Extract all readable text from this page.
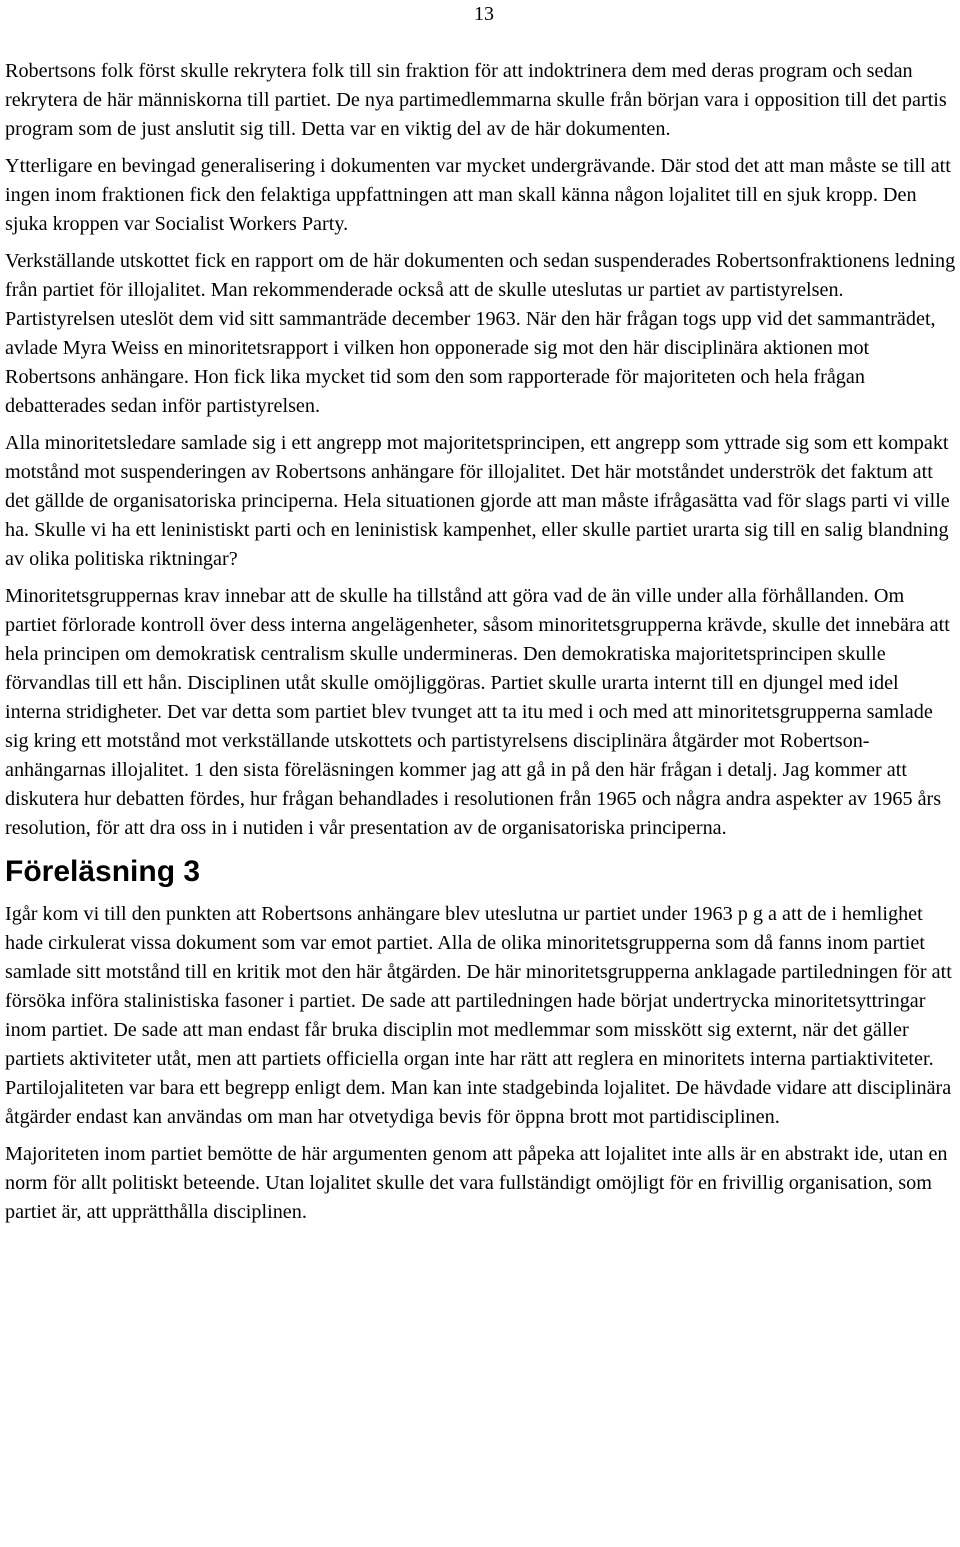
13

Robertsons folk först skulle rekrytera folk till sin fraktion för att indoktrinera dem med deras program och sedan rekrytera de här människorna till partiet. De nya partimedlemmarna skulle från början vara i opposition till det partis program som de just anslutit sig till. Detta var en viktig del av de här dokumenten.

Ytterligare en bevingad generalisering i dokumenten var mycket undergrävande. Där stod det att man måste se till att ingen inom fraktionen fick den felaktiga uppfattningen att man skall känna någon lojalitet till en sjuk kropp. Den sjuka kroppen var Socialist Workers Party.

Verkställande utskottet fick en rapport om de här dokumenten och sedan suspenderades Robertsonfraktionens ledning från partiet för illojalitet. Man rekommenderade också att de skulle uteslutas ur partiet av partistyrelsen. Partistyrelsen uteslöt dem vid sitt sammanträde december 1963. När den här frågan togs upp vid det sammanträdet, avlade Myra Weiss en minoritetsrapport i vilken hon opponerade sig mot den här disciplinära aktionen mot Robertsons anhängare. Hon fick lika mycket tid som den som rapporterade för majoriteten och hela frågan debatterades sedan inför partistyrelsen.

Alla minoritetsledare samlade sig i ett angrepp mot majoritetsprincipen, ett angrepp som yttrade sig som ett kompakt motstånd mot suspenderingen av Robertsons anhängare för illojalitet. Det här motståndet underströk det faktum att det gällde de organisatoriska principerna. Hela situationen gjorde att man måste ifrågasätta vad för slags parti vi ville ha. Skulle vi ha ett leninistiskt parti och en leninistisk kampenhet, eller skulle partiet urarta sig till en salig blandning av olika politiska riktningar?

Minoritetsgruppernas krav innebar att de skulle ha tillstånd att göra vad de än ville under alla förhållanden. Om partiet förlorade kontroll över dess interna angelägenheter, såsom minoritetsgrupperna krävde, skulle det innebära att hela principen om demokratisk centralism skulle undermineras. Den demokratiska majoritetsprincipen skulle förvandlas till ett hån. Disciplinen utåt skulle omöjliggöras. Partiet skulle urarta internt till en djungel med idel interna stridigheter. Det var detta som partiet blev tvunget att ta itu med i och med att minoritetsgrupperna samlade sig kring ett motstånd mot verkställande utskottets och partistyrelsens disciplinära åtgärder mot Robertson-anhängarnas illojalitet. 1 den sista föreläsningen kommer jag att gå in på den här frågan i detalj. Jag kommer att diskutera hur debatten fördes, hur frågan behandlades i resolutionen från 1965 och några andra aspekter av 1965 års resolution, för att dra oss in i nutiden i vår presentation av de organisatoriska principerna.

Föreläsning 3

Igår kom vi till den punkten att Robertsons anhängare blev uteslutna ur partiet under 1963 p g a att de i hemlighet hade cirkulerat vissa dokument som var emot partiet. Alla de olika minoritetsgrupperna som då fanns inom partiet samlade sitt motstånd till en kritik mot den här åtgärden. De här minoritetsgrupperna anklagade partiledningen för att försöka införa stalinistiska fasoner i partiet. De sade att partiledningen hade börjat undertrycka minoritetsyttringar inom partiet. De sade att man endast får bruka disciplin mot medlemmar som misskött sig externt, när det gäller partiets aktiviteter utåt, men att partiets officiella organ inte har rätt att reglera en minoritets interna partiaktiviteter. Partilojaliteten var bara ett begrepp enligt dem. Man kan inte stadgebinda lojalitet. De hävdade vidare att disciplinära åtgärder endast kan användas om man har otvetydiga bevis för öppna brott mot partidisciplinen.

Majoriteten inom partiet bemötte de här argumenten genom att påpeka att lojalitet inte alls är en abstrakt ide, utan en norm för allt politiskt beteende. Utan lojalitet skulle det vara fullständigt omöjligt för en frivillig organisation, som partiet är, att upprätthålla disciplinen.
